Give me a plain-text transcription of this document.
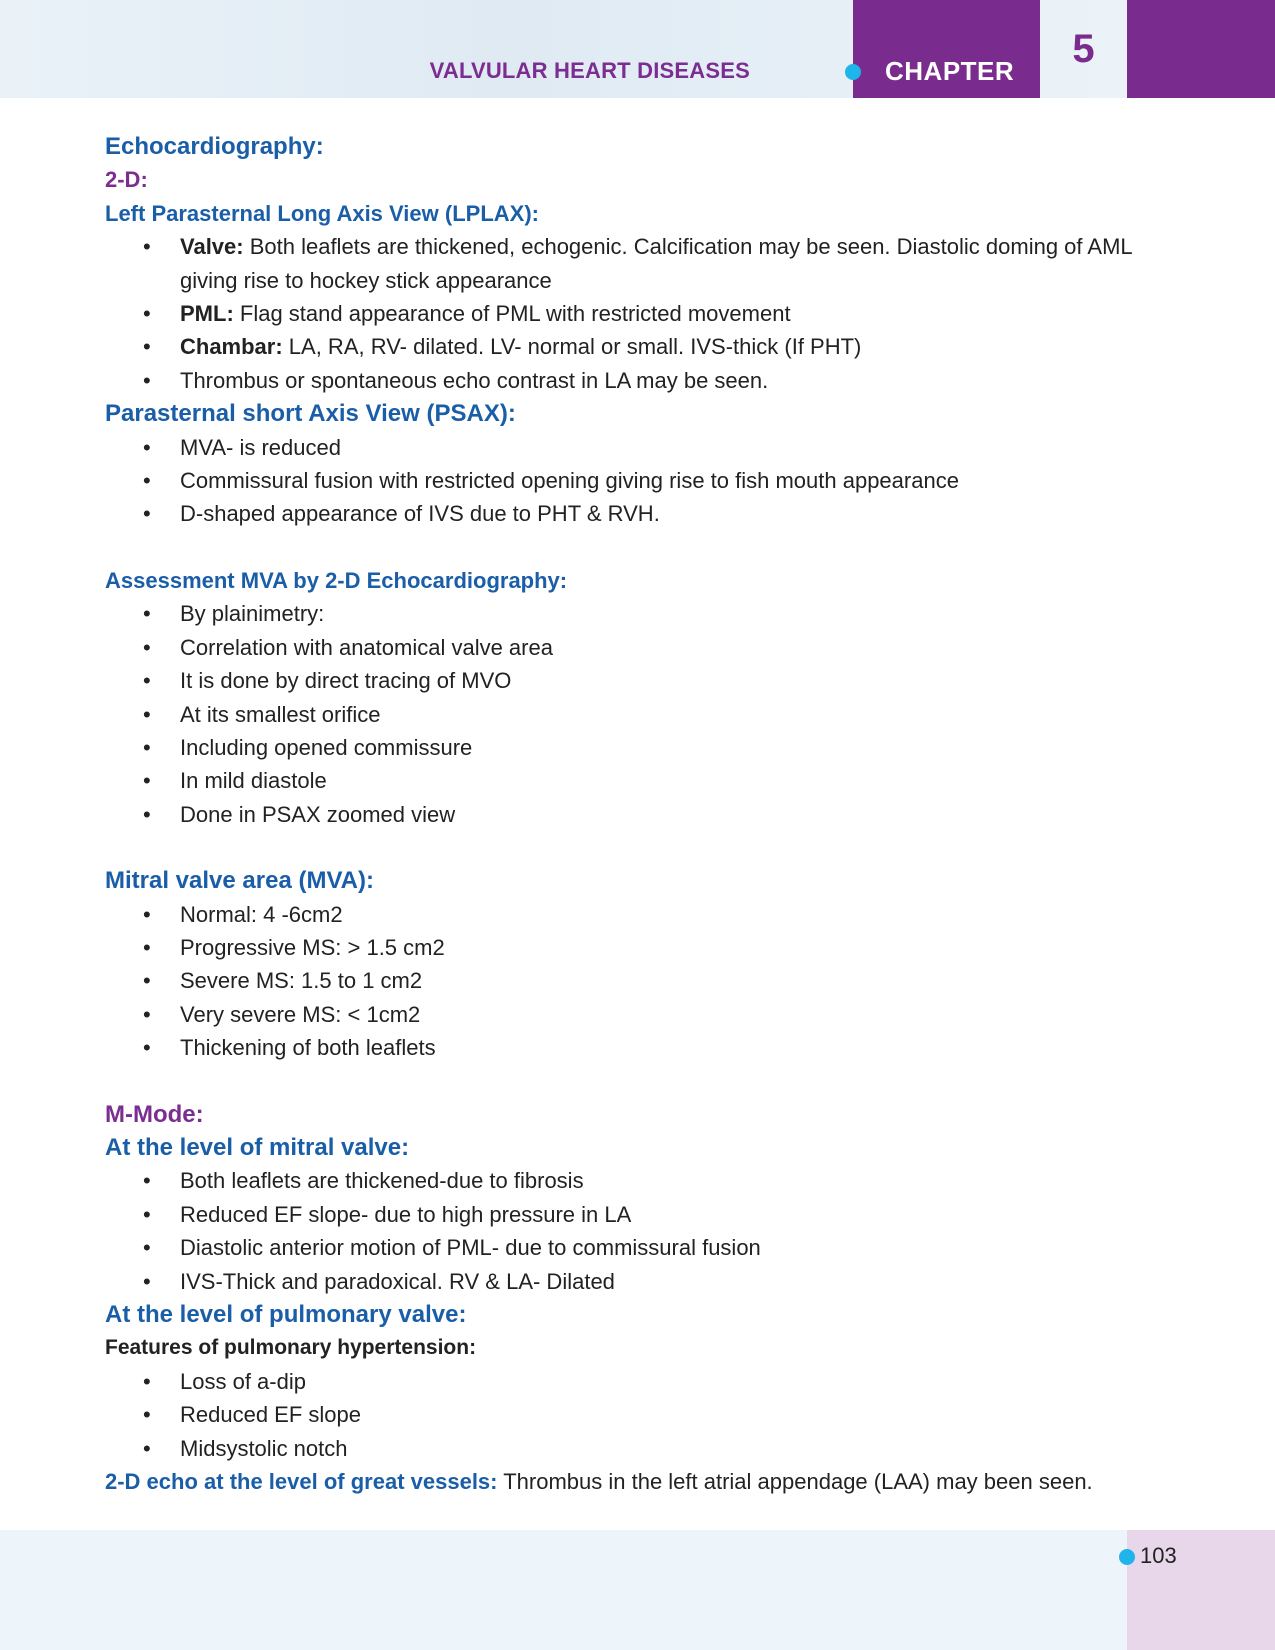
VALVULAR HEART DISEASES	CHAPTER
5
Echocardiography:
2-D:
Left Parasternal Long Axis View (LPLAX):
• Valve: Both leaflets are thickened, echogenic. Calcification may be seen. Diastolic doming of AML giving rise to hockey stick appearance
• PML: Flag stand appearance of PML with restricted movement
• Chambar: LA, RA, RV- dilated. LV- normal or small. IVS-thick (If PHT)
• Thrombus or spontaneous echo contrast in LA may be seen.
Parasternal short Axis View (PSAX):
• MVA- is reduced
• Commissural fusion with restricted opening giving rise to fish mouth appearance
• D-shaped appearance of IVS due to PHT & RVH.
Assessment MVA by 2-D Echocardiography:
• By plainimetry:
• Correlation with anatomical valve area
• It is done by direct tracing of MVO
• At its smallest orifice
• Including opened commissure
• In mild diastole
• Done in PSAX zoomed view
Mitral valve area (MVA):
• Normal: 4 -6cm2
• Progressive MS: > 1.5 cm2
• Severe MS: 1.5 to 1 cm2
• Very severe MS: < 1cm2
• Thickening of both leaflets
M-Mode:
At the level of mitral valve:
• Both leaflets are thickened-due to fibrosis
• Reduced EF slope- due to high pressure in LA
• Diastolic anterior motion of PML- due to commissural fusion
• IVS-Thick and paradoxical. RV & LA- Dilated
At the level of pulmonary valve:
Features of pulmonary hypertension:
• Loss of a-dip
• Reduced EF slope
• Midsystolic notch
2-D echo at the level of great vessels: Thrombus in the left atrial appendage (LAA) may been seen.
103
